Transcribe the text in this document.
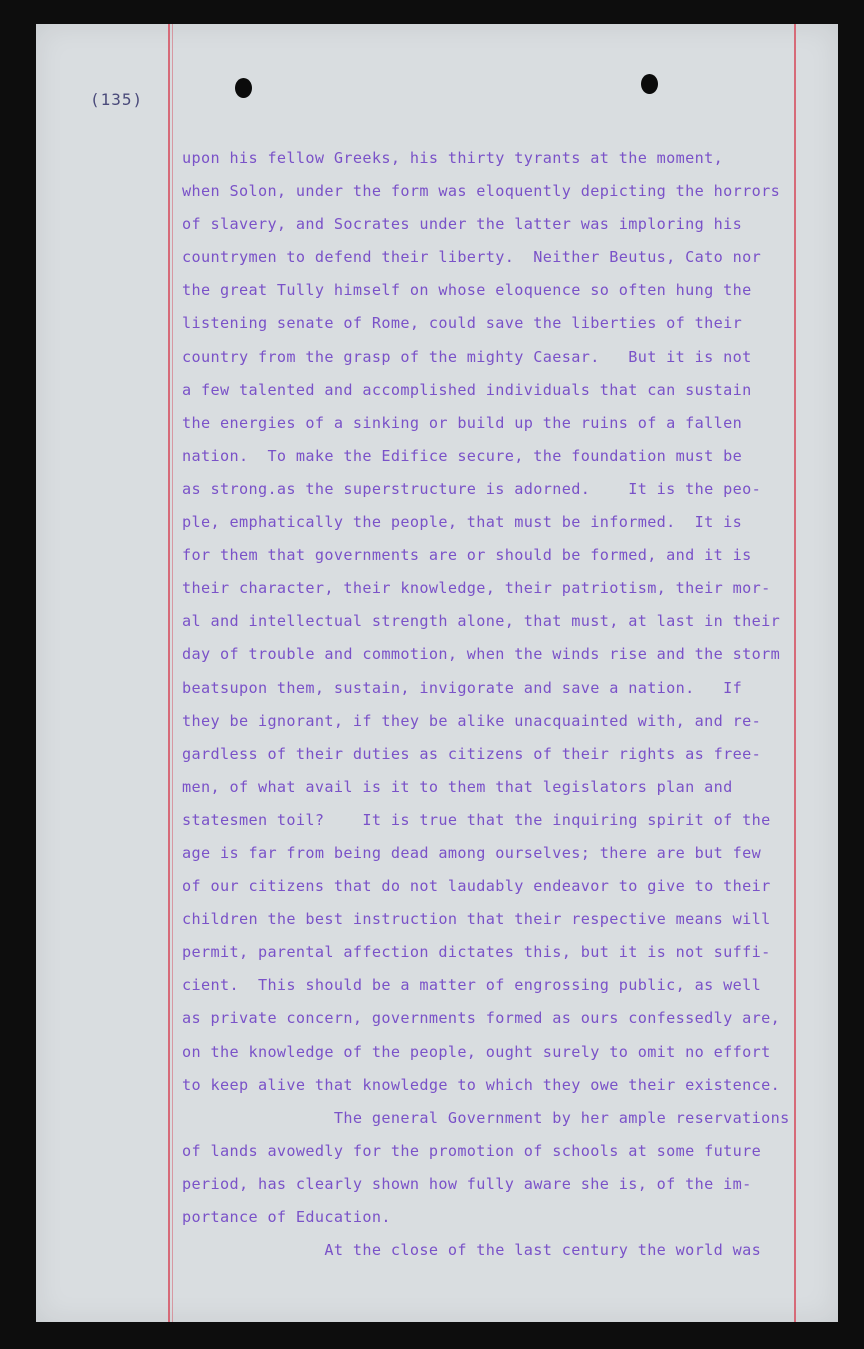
(135)
upon his fellow Greeks, his thirty tyrants at the moment,
when Solon, under the form was eloquently depicting the horrors
of slavery, and Socrates under the latter was imploring his
countrymen to defend their liberty.  Neither Beutus, Cato nor
the great Tully himself on whose eloquence so often hung the
listening senate of Rome, could save the liberties of their
country from the grasp of the mighty Caesar.   But it is not
a few talented and accomplished individuals that can sustain
the energies of a sinking or build up the ruins of a fallen
nation.  To make the Edifice secure, the foundation must be
as strong.as the superstructure is adorned.    It is the peo-
ple, emphatically the people, that must be informed.  It is
for them that governments are or should be formed, and it is
their character, their knowledge, their patriotism, their mor-
al and intellectual strength alone, that must, at last in their
day of trouble and commotion, when the winds rise and the storm
beatsupon them, sustain, invigorate and save a nation.   If
they be ignorant, if they be alike unacquainted with, and re-
gardless of their duties as citizens of their rights as free-
men, of what avail is it to them that legislators plan and
statesmen toil?    It is true that the inquiring spirit of the
age is far from being dead among ourselves; there are but few
of our citizens that do not laudably endeavor to give to their
children the best instruction that their respective means will
permit, parental affection dictates this, but it is not suffi-
cient.  This should be a matter of engrossing public, as well
as private concern, governments formed as ours confessedly are,
on the knowledge of the people, ought surely to omit no effort
to keep alive that knowledge to which they owe their existence.
The general Government by her ample reservations
of lands avowedly for the promotion of schools at some future
period, has clearly shown how fully aware she is, of the im-
portance of Education.
At the close of the last century the world was
